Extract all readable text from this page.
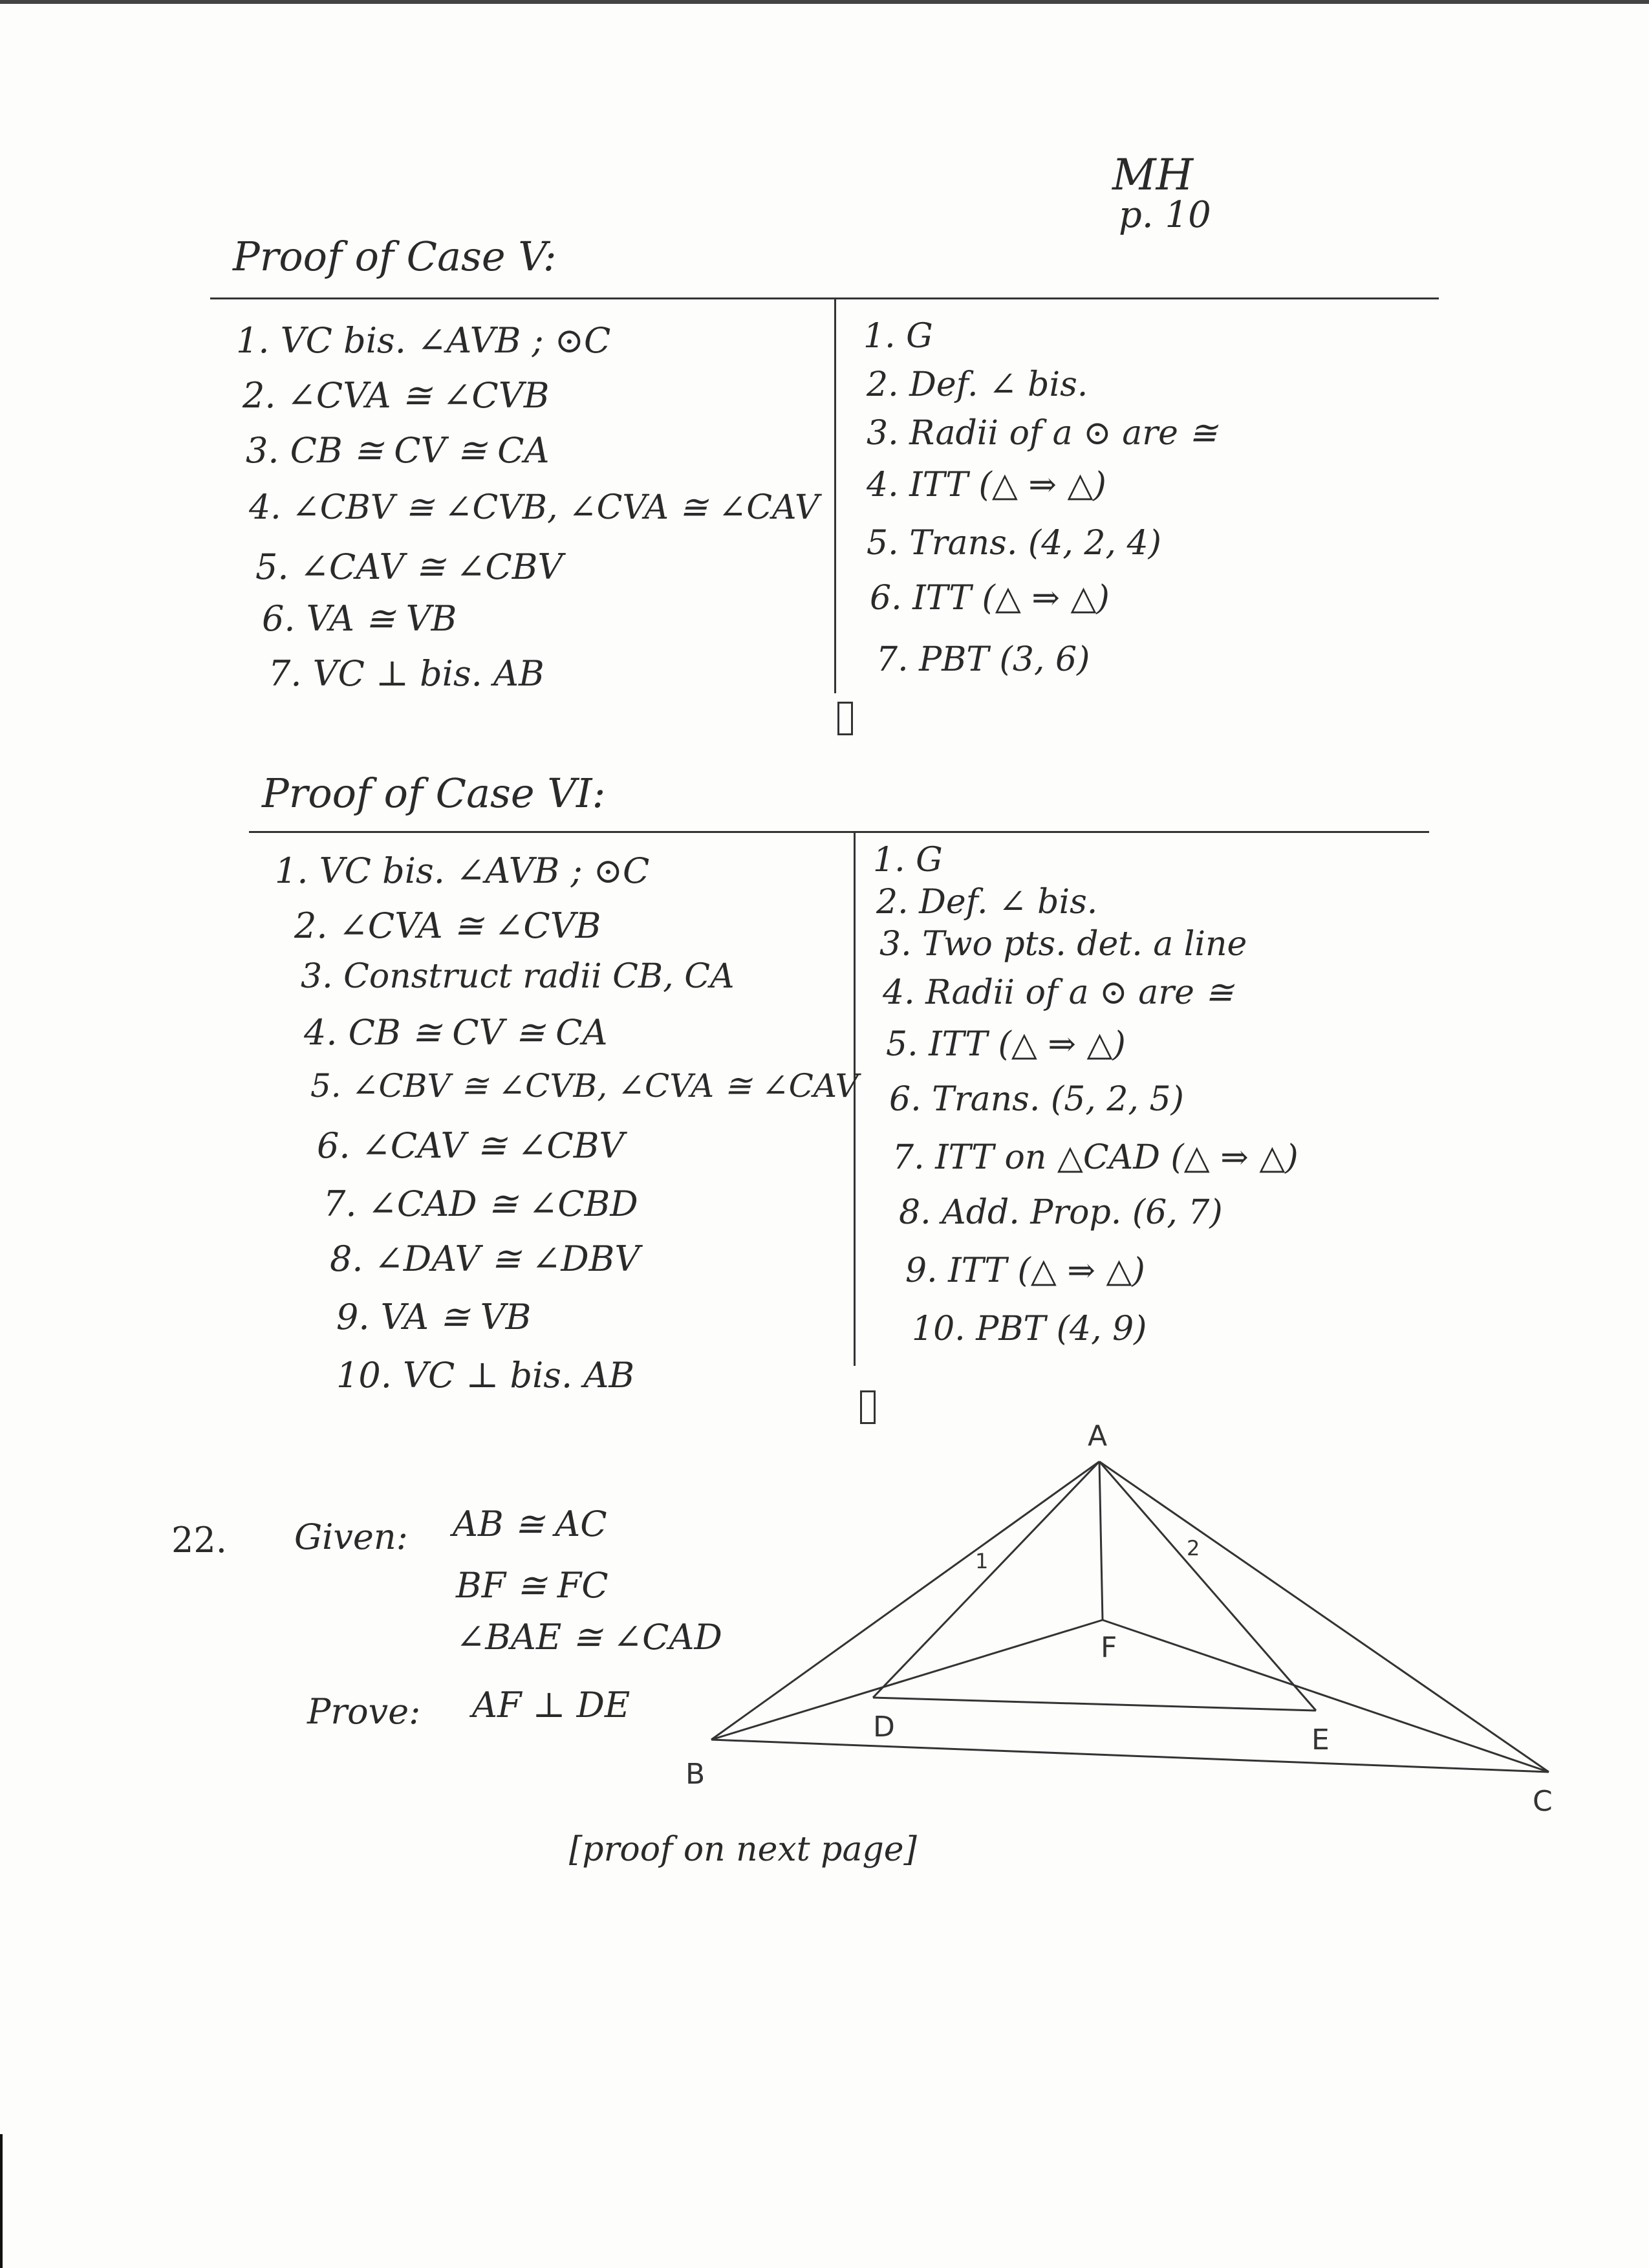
MH
p. 10
Proof of Case V:
1. VC bis. ∠AVB ; ⊙C
2. ∠CVA ≅ ∠CVB
3. CB ≅ CV ≅ CA
4. ∠CBV ≅ ∠CVB, ∠CVA ≅ ∠CAV
5. ∠CAV ≅ ∠CBV
6. VA ≅ VB
7. VC ⊥ bis. AB
1. G
2. Def. ∠ bis.
3. Radii of a ⊙ are ≅
4. ITT (△ ⇒ △)
5. Trans. (4, 2, 4)
6. ITT (△ ⇒ △)
7. PBT (3, 6)
Proof of Case VI:
1. VC bis. ∠AVB ; ⊙C
2. ∠CVA ≅ ∠CVB
3. Construct radii CB, CA
4. CB ≅ CV ≅ CA
5. ∠CBV ≅ ∠CVB, ∠CVA ≅ ∠CAV
6. ∠CAV ≅ ∠CBV
7. ∠CAD ≅ ∠CBD
8. ∠DAV ≅ ∠DBV
9. VA ≅ VB
10. VC ⊥ bis. AB
1. G
2. Def. ∠ bis.
3. Two pts. det. a line
4. Radii of a ⊙ are ≅
5. ITT (△ ⇒ △)
6. Trans. (5, 2, 5)
7. ITT on △CAD (△ ⇒ △)
8. Add. Prop. (6, 7)
9. ITT (△ ⇒ △)
10. PBT (4, 9)
22. Given: AB ≅ AC
BF ≅ FC
∠BAE ≅ ∠CAD
Prove: AF ⊥ DE
[proof on next page]
A
B
C
D	E
F
1
2
